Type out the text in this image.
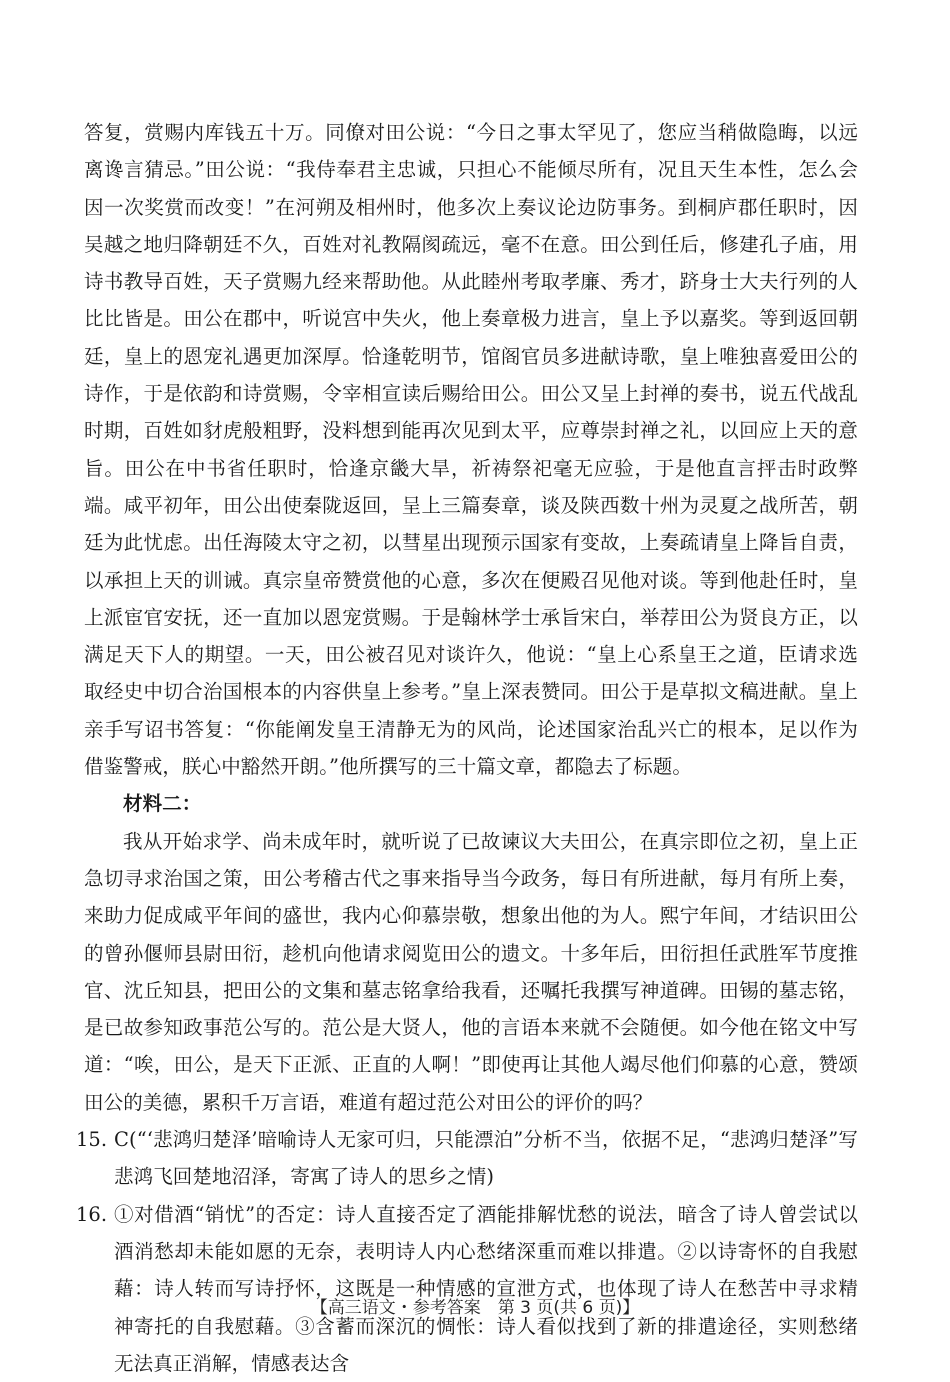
答复，赏赐内库钱五十万。同僚对田公说：“今日之事太罕见了，您应当稍做隐晦，以远离谗言猜忌。”田公说：“我侍奉君主忠诚，只担心不能倾尽所有，况且天生本性，怎么会因一次奖赏而改变！”在河朔及相州时，他多次上奏议论边防事务。到桐庐郡任职时，因吴越之地归降朝廷不久，百姓对礼教隔阂疏远，毫不在意。田公到任后，修建孔子庙，用诗书教导百姓，天子赏赐九经来帮助他。从此睦州考取孝廉、秀才，跻身士大夫行列的人比比皆是。田公在郡中，听说宫中失火，他上奏章极力进言，皇上予以嘉奖。等到返回朝廷，皇上的恩宠礼遇更加深厚。恰逢乾明节，馆阁官员多进献诗歌，皇上唯独喜爱田公的诗作，于是依韵和诗赏赐，令宰相宣读后赐给田公。田公又呈上封禅的奏书，说五代战乱时期，百姓如豺虎般粗野，没料想到能再次见到太平，应尊崇封禅之礼，以回应上天的意旨。田公在中书省任职时，恰逢京畿大旱，祈祷祭祀毫无应验，于是他直言抨击时政弊端。咸平初年，田公出使秦陇返回，呈上三篇奏章，谈及陕西数十州为灵夏之战所苦，朝廷为此忧虑。出任海陵太守之初，以彗星出现预示国家有变故，上奏疏请皇上降旨自责，以承担上天的训诫。真宗皇帝赞赏他的心意，多次在便殿召见他对谈。等到他赴任时，皇上派宦官安抚，还一直加以恩宠赏赐。于是翰林学士承旨宋白，举荐田公为贤良方正，以满足天下人的期望。一天，田公被召见对谈许久，他说：“皇上心系皇王之道，臣请求选取经史中切合治国根本的内容供皇上参考。”皇上深表赞同。田公于是草拟文稿进献。皇上亲手写诏书答复：“你能阐发皇王清静无为的风尚，论述国家治乱兴亡的根本，足以作为借鉴警戒，朕心中豁然开朗。”他所撰写的三十篇文章，都隐去了标题。

材料二：

我从开始求学、尚未成年时，就听说了已故谏议大夫田公，在真宗即位之初，皇上正急切寻求治国之策，田公考稽古代之事来指导当今政务，每日有所进献，每月有所上奏，来助力促成咸平年间的盛世，我内心仰慕崇敬，想象出他的为人。熙宁年间，才结识田公的曾孙偃师县尉田衍，趁机向他请求阅览田公的遗文。十多年后，田衍担任武胜军节度推官、沈丘知县，把田公的文集和墓志铭拿给我看，还嘱托我撰写神道碑。田锡的墓志铭，是已故参知政事范公写的。范公是大贤人，他的言语本来就不会随便。如今他在铭文中写道：“唉，田公，是天下正派、正直的人啊！”即使再让其他人竭尽他们仰慕的心意，赞颂田公的美德，累积千万言语，难道有超过范公对田公的评价的吗？

15. C(“‘悲鸿归楚泽’暗喻诗人无家可归，只能漂泊”分析不当，依据不足，“悲鸿归楚泽”写悲鸿飞回楚地沼泽，寄寓了诗人的思乡之情)

16. ①对借酒“销忧”的否定：诗人直接否定了酒能排解忧愁的说法，暗含了诗人曾尝试以酒消愁却未能如愿的无奈，表明诗人内心愁绪深重而难以排遣。②以诗寄怀的自我慰藉：诗人转而写诗抒怀，这既是一种情感的宣泄方式，也体现了诗人在愁苦中寻求精神寄托的自我慰藉。③含蓄而深沉的惆怅：诗人看似找到了新的排遣途径，实则愁绪无法真正消解，情感表达含

【高三语文・参考答案　第 3 页(共 6 页)】
